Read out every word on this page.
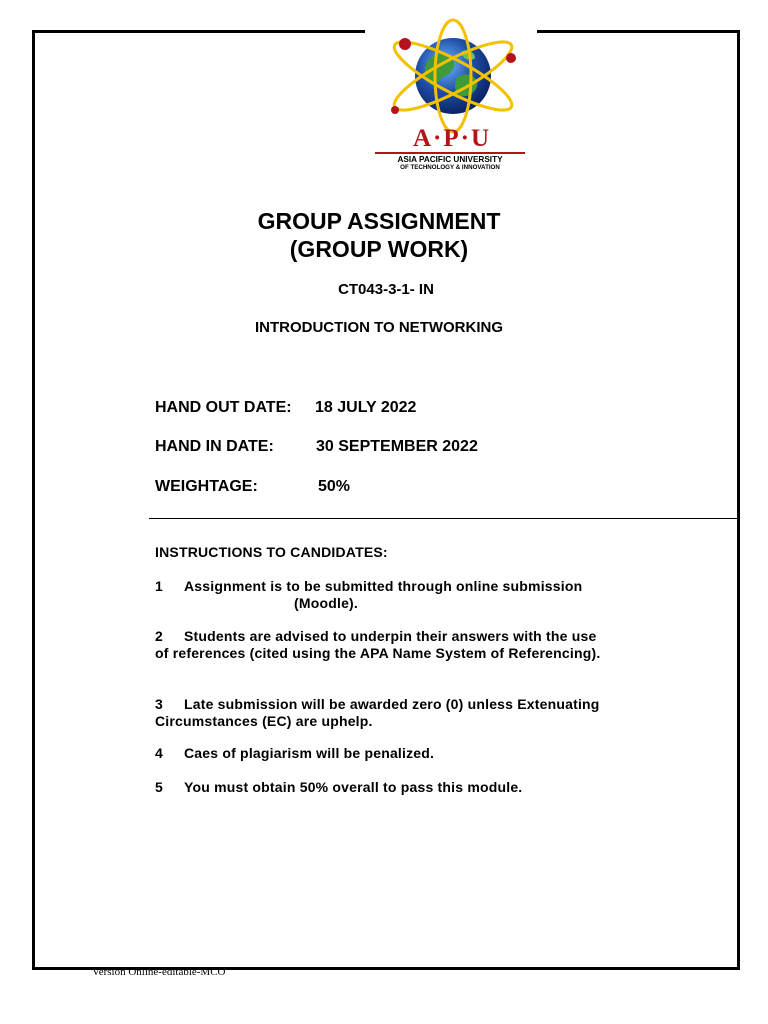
A·P·U
ASIA PACIFIC UNIVERSITY
OF TECHNOLOGY & INNOVATION
GROUP ASSIGNMENT
(GROUP WORK)
CT043-3-1- IN
INTRODUCTION TO NETWORKING
HAND OUT DATE: 18 JULY 2022
HAND IN DATE:	30 SEPTEMBER 2022
WEIGHTAGE:	50%
INSTRUCTIONS TO CANDIDATES:
1 Assignment is to be submitted through online submission
(Moodle).
2 Students are advised to underpin their answers with the use of references (cited using the APA Name System of Referencing).
3 Late submission will be awarded zero (0) unless Extenuating Circumstances (EC) are uphelp.
4 Caes of plagiarism will be penalized.
5 You must obtain 50% overall to pass this module.
Version Online-editable-MCO
